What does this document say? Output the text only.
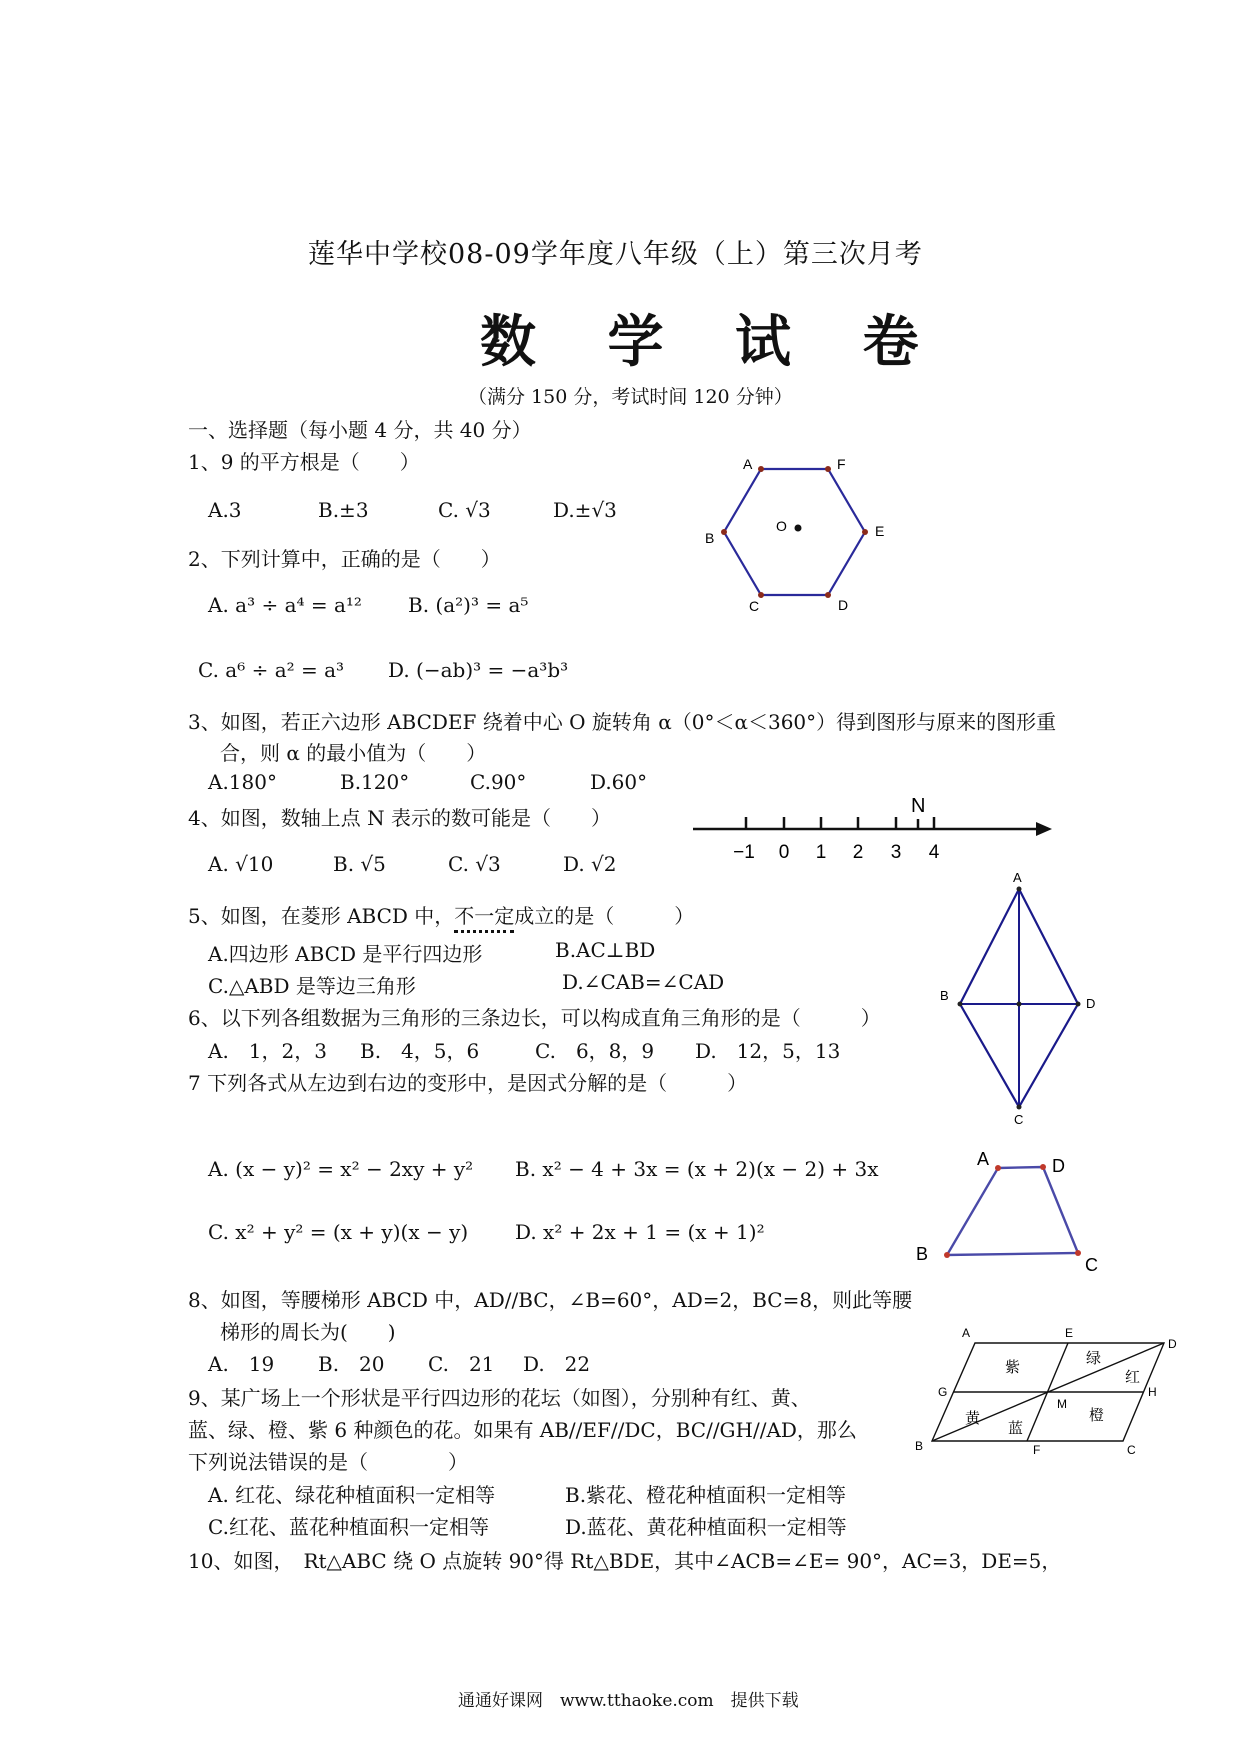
莲华中学校08-09学年度八年级（上）第三次月考
数 学 试 卷
（满分 150 分，考试时间 120 分钟）
一、选择题（每小题 4 分，共 40 分）
1、9 的平方根是（　　）
A.3	B.±3	C. √3	D.±√3
2、下列计算中，正确的是（　　）
A. a³ ÷ a⁴ = a¹² B. (a²)³ = a⁵
C. a⁶ ÷ a² = a³ D. (−ab)³ = −a³b³
3、如图，若正六边形 ABCDEF 绕着中心 O 旋转角 α（0°＜α＜360°）得到图形与原来的图形重
合，则 α 的最小值为（　　）
A.180°	B.120°	C.90°	D.60°
4、如图，数轴上点 N 表示的数可能是（　　）
A. √10	B. √5	C. √3	D. √2
5、如图，在菱形 ABCD 中，不一定成立的是（　　　）
A.四边形 ABCD 是平行四边形	B.AC⊥BD
C.△ABD 是等边三角形	D.∠CAB=∠CAD
6、以下列各组数据为三角形的三条边长，可以构成直角三角形的是（　　　）
A.　1，2，3 B.　4，5，6	C.　6，8，9 D.　12，5，13
7 下列各式从左边到右边的变形中，是因式分解的是（　　　）
A. (x − y)² = x² − 2xy + y² B. x² − 4 + 3x = (x + 2)(x − 2) + 3x
C. x² + y² = (x + y)(x − y) D. x² + 2x + 1 = (x + 1)²
8、如图，等腰梯形 ABCD 中，AD//BC，∠B=60°，AD=2，BC=8，则此等腰
梯形的周长为(　　)
A.　19 B.　20 C.　21 D.　22
9、某广场上一个形状是平行四边形的花坛（如图），分别种有红、黄、
蓝、绿、橙、紫 6 种颜色的花。如果有 AB//EF//DC，BC//GH//AD，那么
下列说法错误的是（　　　　）
A. 红花、绿花种植面积一定相等	B.紫花、橙花种植面积一定相等
C.红花、蓝花种植面积一定相等	D.蓝花、黄花种植面积一定相等
10、如图，　Rt△ABC 绕 O 点旋转 90°得 Rt△BDE，其中∠ACB=∠E= 90°，AC=3，DE=5，
通通好课网　www.tthaoke.com　提供下载
A	F
E
D
C
B
O
N
−1 0 1 2 3 4
A
B
D
C
A	D
B
C
A	E
D
G
M
H
B	F	C
紫
绿
红
黄
蓝
橙
